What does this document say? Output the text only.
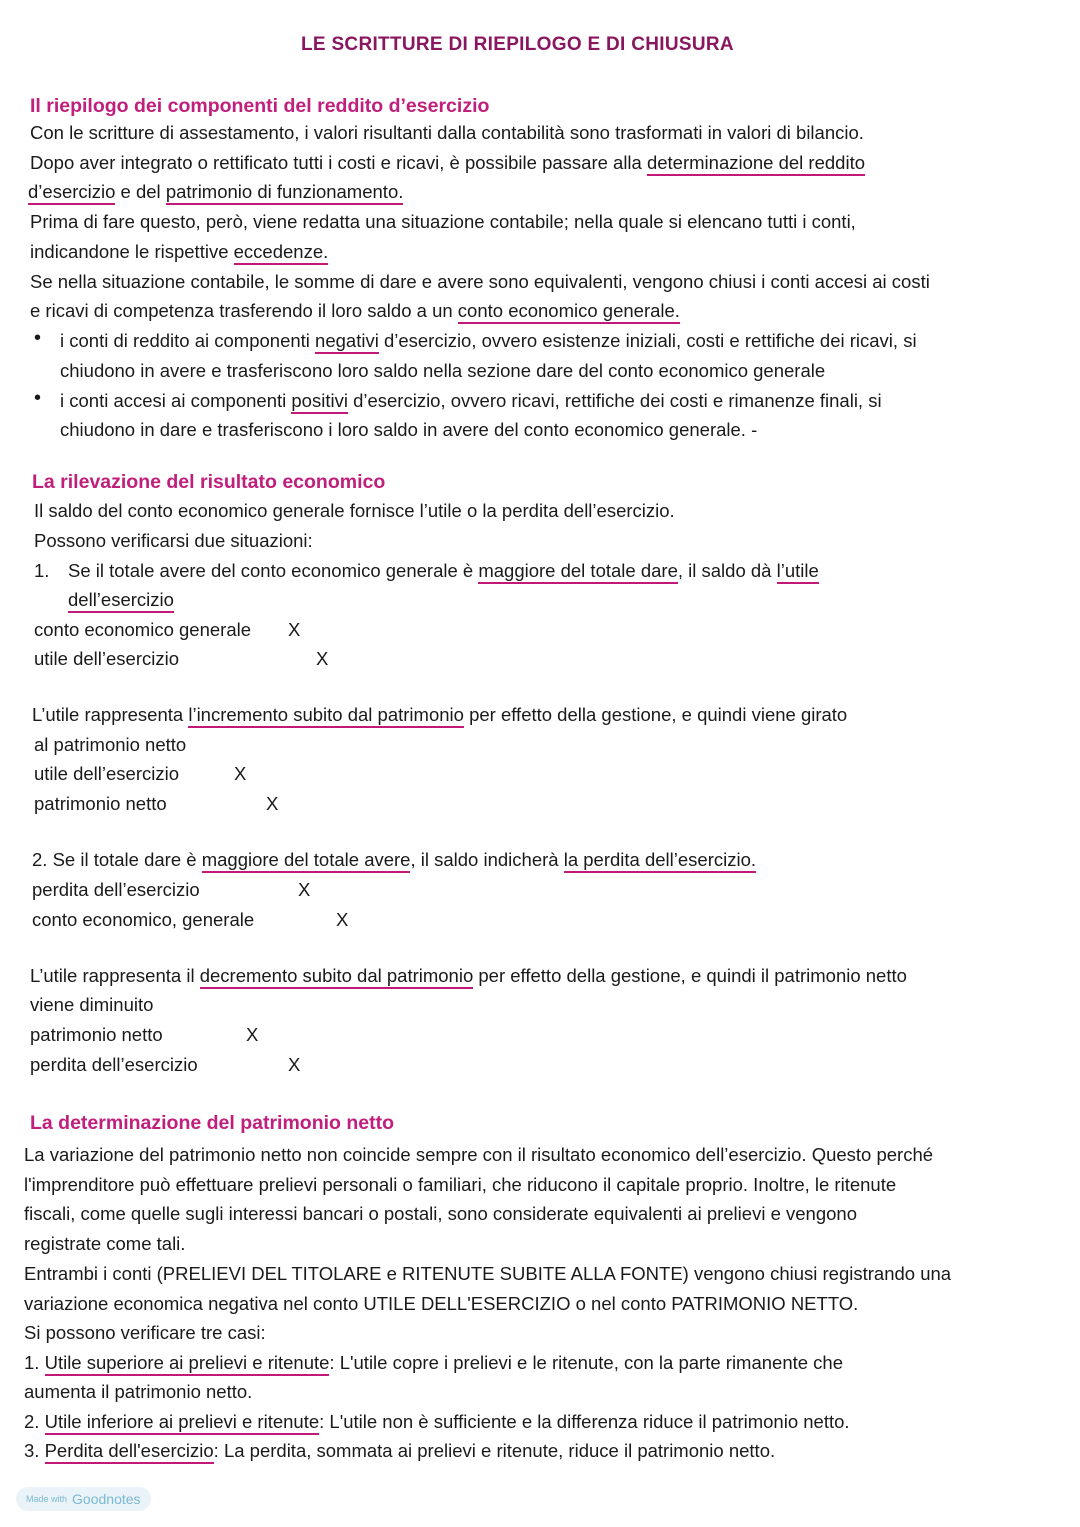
LE SCRITTURE DI RIEPILOGO E DI CHIUSURA
Il riepilogo dei componenti del reddito d’esercizio
Con le scritture di assestamento, i valori risultanti dalla contabilità sono trasformati in valori di bilancio.
Dopo aver integrato o rettificato tutti i costi e ricavi, è possibile passare alla determinazione del reddito
d’esercizio e del patrimonio di funzionamento.
Prima di fare questo, però, viene redatta una situazione contabile; nella quale si elencano tutti i conti,
indicandone le rispettive eccedenze.
Se nella situazione contabile, le somme di dare e avere sono equivalenti, vengono chiusi i conti accesi ai costi
e ricavi di competenza trasferendo il loro saldo a un conto economico generale.
i conti di reddito ai componenti negativi d’esercizio, ovvero esistenze iniziali, costi e rettifiche dei ricavi, si
•
chiudono in avere e trasferiscono loro saldo nella sezione dare del conto economico generale
i conti accesi ai componenti positivi d’esercizio, ovvero ricavi, rettifiche dei costi e rimanenze finali, si
•
chiudono in dare e trasferiscono i loro saldo in avere del conto economico generale. -
La rilevazione del risultato economico
Il saldo del conto economico generale fornisce l’utile o la perdita dell’esercizio.
Possono verificarsi due situazioni:
Se il totale avere del conto economico generale è maggiore del totale dare, il saldo dà l’utile
1.
dell’esercizio
conto economico generale X
utile dell’esercizio	X
L’utile rappresenta l’incremento subito dal patrimonio per effetto della gestione, e quindi viene girato
al patrimonio netto
utile dell’esercizio	X
patrimonio netto	X
2. Se il totale dare è maggiore del totale avere, il saldo indicherà la perdita dell’esercizio.
perdita dell’esercizio	X
conto economico, generale	X
L’utile rappresenta il decremento subito dal patrimonio per effetto della gestione, e quindi il patrimonio netto
viene diminuito
patrimonio netto	X
perdita dell’esercizio	X
La determinazione del patrimonio netto
La variazione del patrimonio netto non coincide sempre con il risultato economico dell’esercizio. Questo perché
l'imprenditore può effettuare prelievi personali o familiari, che riducono il capitale proprio. Inoltre, le ritenute
fiscali, come quelle sugli interessi bancari o postali, sono considerate equivalenti ai prelievi e vengono
registrate come tali.
Entrambi i conti (PRELIEVI DEL TITOLARE e RITENUTE SUBITE ALLA FONTE) vengono chiusi registrando una
variazione economica negativa nel conto UTILE DELL'ESERCIZIO o nel conto PATRIMONIO NETTO.
Si possono verificare tre casi:
1. Utile superiore ai prelievi e ritenute: L'utile copre i prelievi e le ritenute, con la parte rimanente che
aumenta il patrimonio netto.
2. Utile inferiore ai prelievi e ritenute: L'utile non è sufficiente e la differenza riduce il patrimonio netto.
3. Perdita dell'esercizio: La perdita, sommata ai prelievi e ritenute, riduce il patrimonio netto.
Made with Goodnotes
